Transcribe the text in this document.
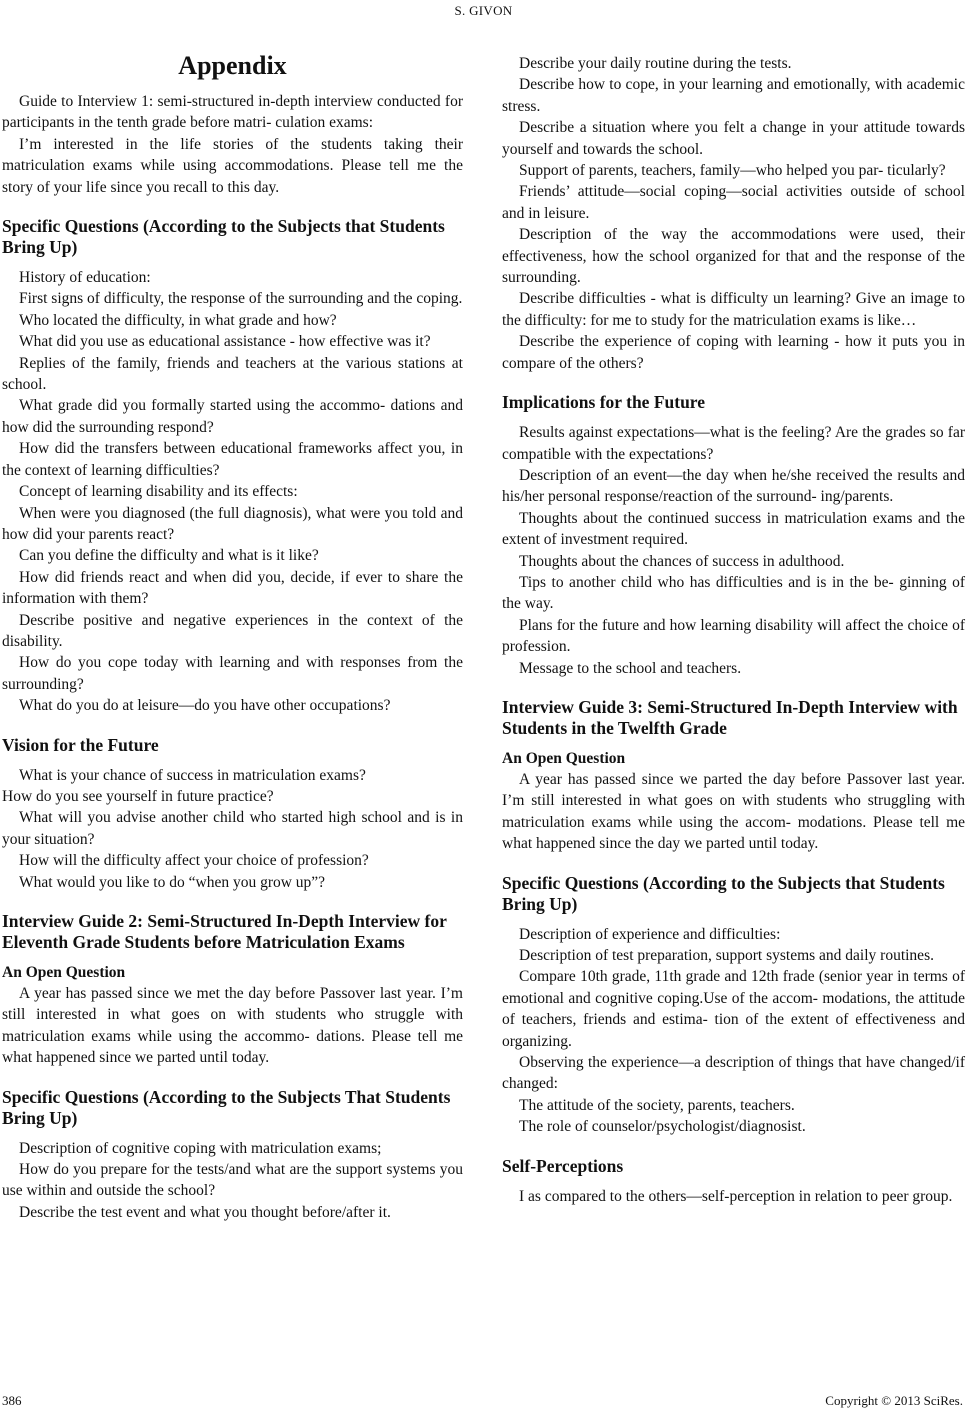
S. GIVON
Appendix

Guide to Interview 1: semi-structured in-depth interview conducted for participants in the tenth grade before matri- culation exams:

I’m interested in the life stories of the students taking their matriculation exams while using accommodations. Please tell me the story of your life since you recall to this day.

Specific Questions (According to the Subjects that Students Bring Up)

History of education:

First signs of difficulty, the response of the surrounding and the coping.

Who located the difficulty, in what grade and how?

What did you use as educational assistance - how effective was it?

Replies of the family, friends and teachers at the various stations at school.

What grade did you formally started using the accommo- dations and how did the surrounding respond?

How did the transfers between educational frameworks affect you, in the context of learning difficulties?

Concept of learning disability and its effects:

When were you diagnosed (the full diagnosis), what were you told and how did your parents react?

Can you define the difficulty and what is it like?

How did friends react and when did you, decide, if ever to share the information with them?

Describe positive and negative experiences in the context of the disability.

How do you cope today with learning and with responses from the surrounding?

What do you do at leisure—do you have other occupations?

Vision for the Future

What is your chance of success in matriculation exams?

How do you see yourself in future practice?

What will you advise another child who started high school and is in your situation?

How will the difficulty affect your choice of profession?

What would you like to do “when you grow up”?

Interview Guide 2: Semi-Structured In-Depth Interview for Eleventh Grade Students before Matriculation Exams
An Open Question

A year has passed since we met the day before Passover last year. I’m still interested in what goes on with students who struggle with matriculation exams while using the accommo- dations. Please tell me what happened since we parted until today.

Specific Questions (According to the Subjects That Students Bring Up)

Description of cognitive coping with matriculation exams;

How do you prepare for the tests/and what are the support systems you use within and outside the school?

Describe the test event and what you thought before/after it.

Describe your daily routine during the tests.

Describe how to cope, in your learning and emotionally, with academic stress.

Describe a situation where you felt a change in your attitude towards yourself and towards the school.

Support of parents, teachers, family—who helped you par- ticularly?

Friends’ attitude—social coping—social activities outside of school and in leisure.

Description of the way the accommodations were used, their effectiveness, how the school organized for that and the response of the surrounding.

Describe difficulties - what is difficulty un learning? Give an image to the difficulty: for me to study for the matriculation exams is like…

Describe the experience of coping with learning - how it puts you in compare of the others?

Implications for the Future

Results against expectations—what is the feeling? Are the grades so far compatible with the expectations?

Description of an event—the day when he/she received the results and his/her personal response/reaction of the surround- ing/parents.

Thoughts about the continued success in matriculation exams and the extent of investment required.

Thoughts about the chances of success in adulthood.

Tips to another child who has difficulties and is in the be- ginning of the way.

Plans for the future and how learning disability will affect the choice of profession.

Message to the school and teachers.

Interview Guide 3: Semi-Structured In-Depth Interview with Students in the Twelfth Grade
An Open Question

A year has passed since we parted the day before Passover last year. I’m still interested in what goes on with students who struggling with matriculation exams while using the accom- modations. Please tell me what happened since the day we parted until today.

Specific Questions (According to the Subjects that Students Bring Up)

Description of experience and difficulties:

Description of test preparation, support systems and daily routines.

Compare 10th grade, 11th grade and 12th frade (senior year in terms of emotional and cognitive coping.Use of the accom- modations, the attitude of teachers, friends and estima- tion of the extent of effectiveness and organizing.

Observing the experience—a description of things that have changed/if changed:

The attitude of the society, parents, teachers.

The role of counselor/psychologist/diagnosist.

Self-Perceptions

I as compared to the others—self-perception in relation to peer group.

386	Copyright © 2013 SciRes.
